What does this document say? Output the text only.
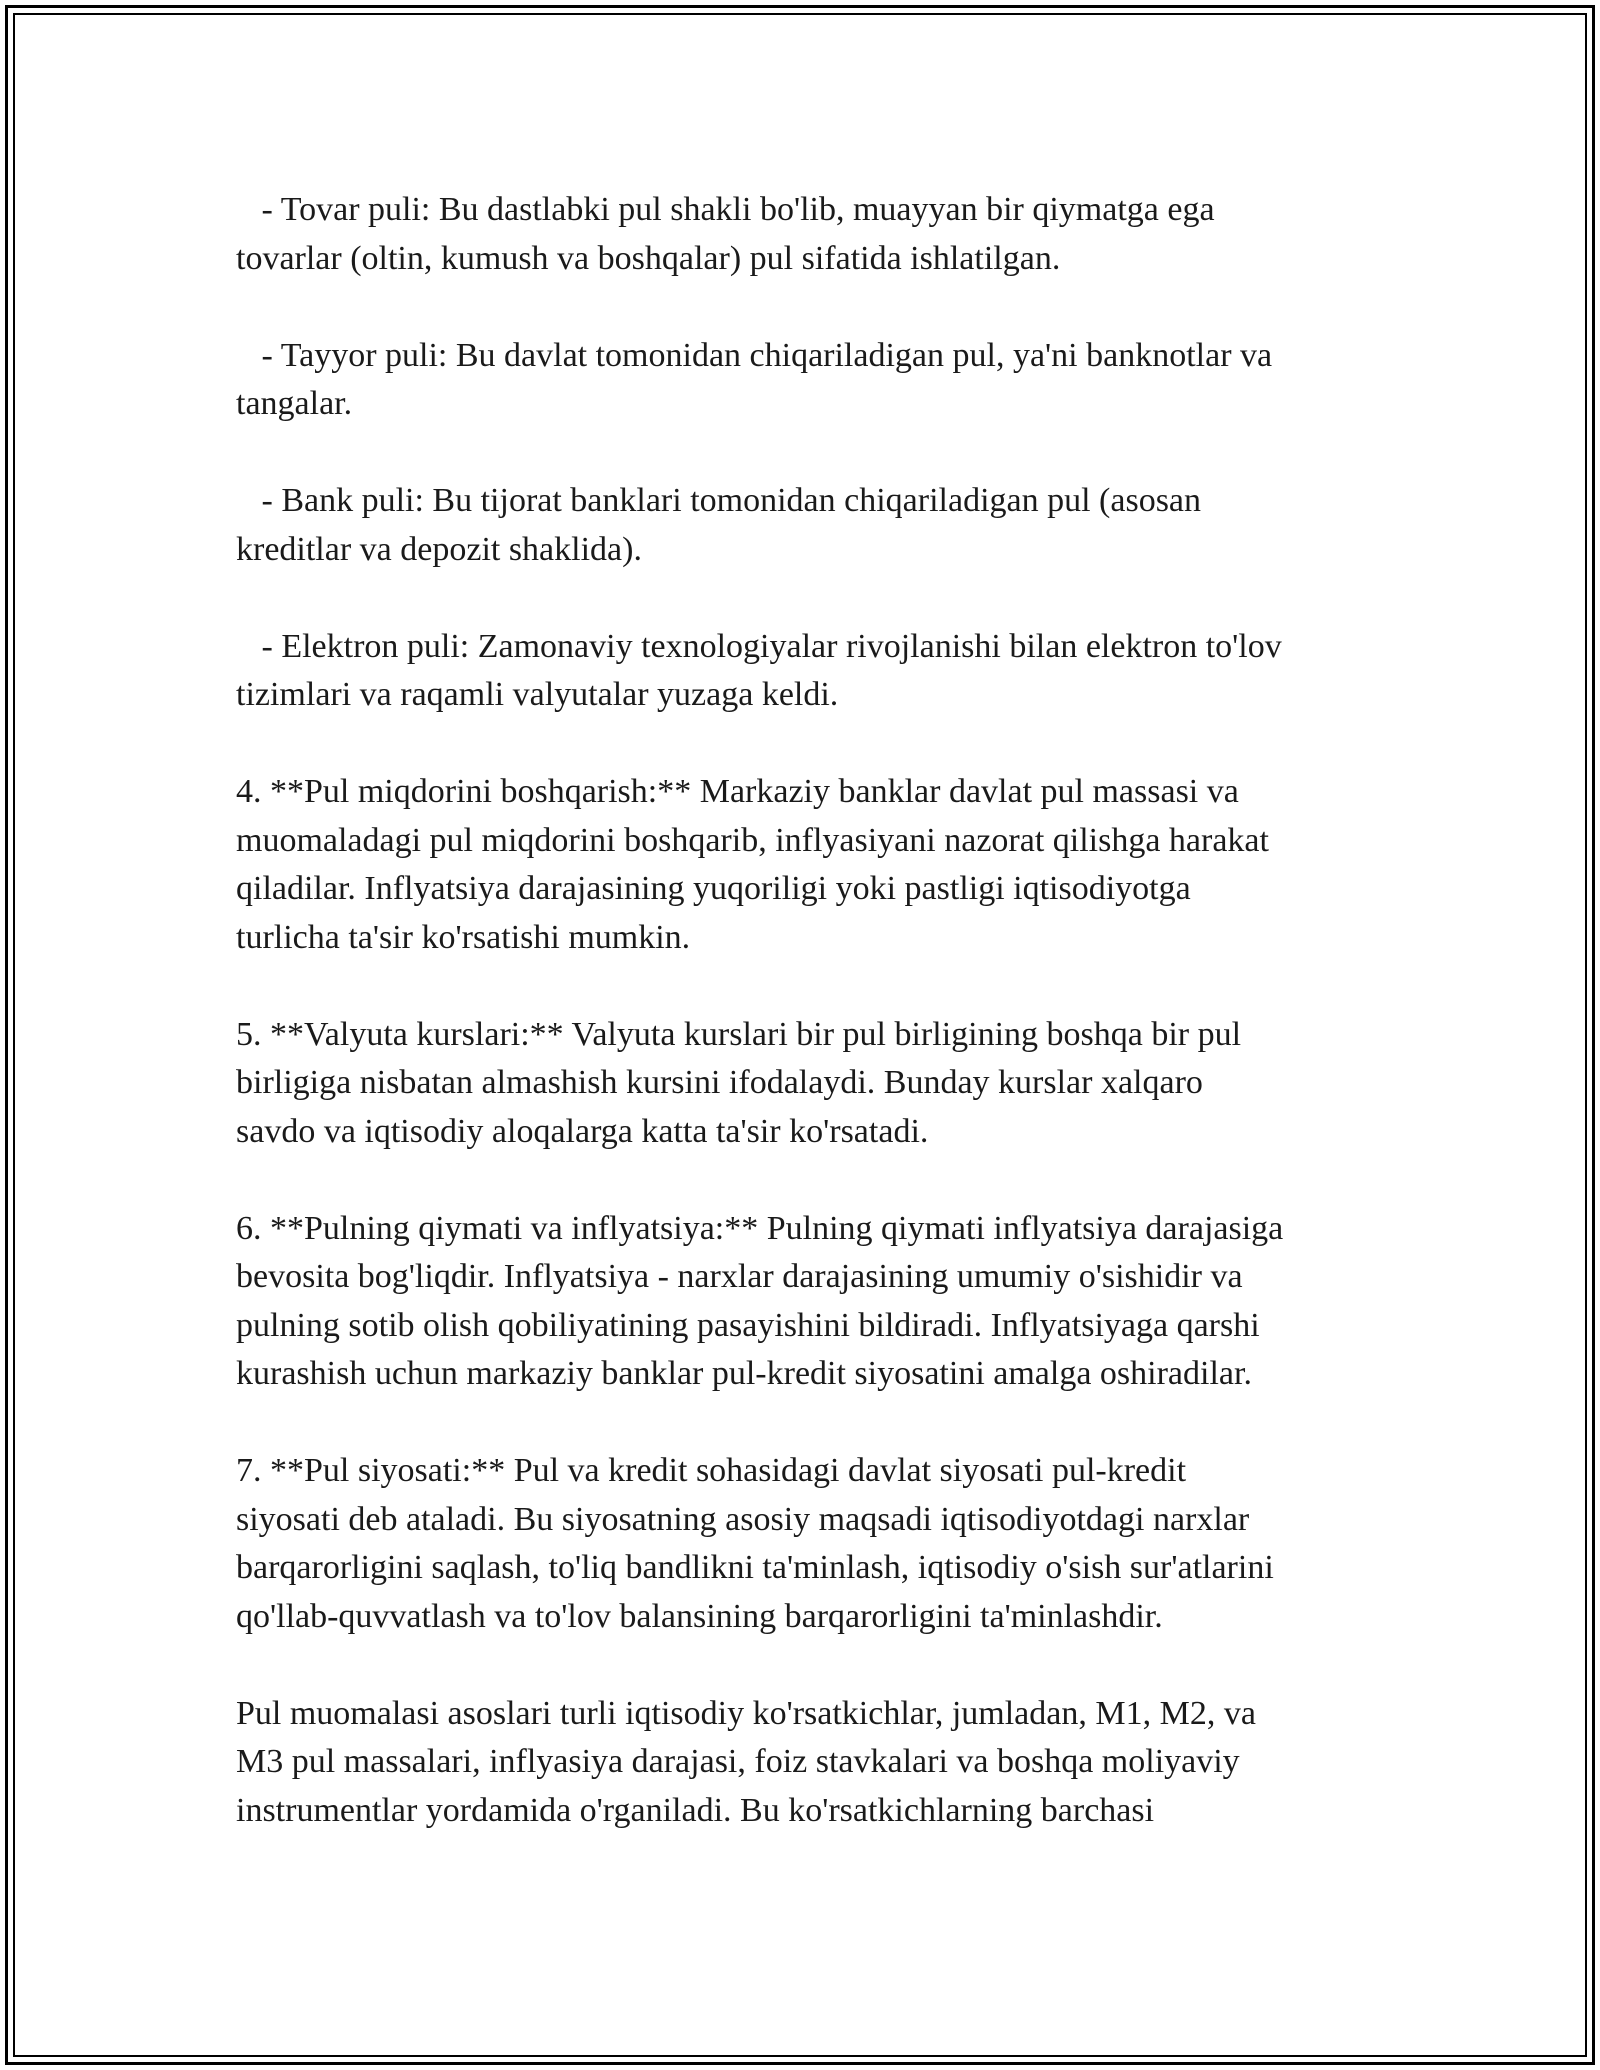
- Tovar puli: Bu dastlabki pul shakli bo'lib, muayyan bir qiymatga ega
tovarlar (oltin, kumush va boshqalar) pul sifatida ishlatilgan.

- Tayyor puli: Bu davlat tomonidan chiqariladigan pul, ya'ni banknotlar va
tangalar.

- Bank puli: Bu tijorat banklari tomonidan chiqariladigan pul (asosan
kreditlar va depozit shaklida).

- Elektron puli: Zamonaviy texnologiyalar rivojlanishi bilan elektron to'lov
tizimlari va raqamli valyutalar yuzaga keldi.

4. **Pul miqdorini boshqarish:** Markaziy banklar davlat pul massasi va
muomaladagi pul miqdorini boshqarib, inflyasiyani nazorat qilishga harakat
qiladilar. Inflyatsiya darajasining yuqoriligi yoki pastligi iqtisodiyotga
turlicha ta'sir ko'rsatishi mumkin.

5. **Valyuta kurslari:** Valyuta kurslari bir pul birligining boshqa bir pul
birligiga nisbatan almashish kursini ifodalaydi. Bunday kurslar xalqaro
savdo va iqtisodiy aloqalarga katta ta'sir ko'rsatadi.

6. **Pulning qiymati va inflyatsiya:** Pulning qiymati inflyatsiya darajasiga
bevosita bog'liqdir. Inflyatsiya - narxlar darajasining umumiy o'sishidir va
pulning sotib olish qobiliyatining pasayishini bildiradi. Inflyatsiyaga qarshi
kurashish uchun markaziy banklar pul-kredit siyosatini amalga oshiradilar.

7. **Pul siyosati:** Pul va kredit sohasidagi davlat siyosati pul-kredit
siyosati deb ataladi. Bu siyosatning asosiy maqsadi iqtisodiyotdagi narxlar
barqarorligini saqlash, to'liq bandlikni ta'minlash, iqtisodiy o'sish sur'atlarini
qo'llab-quvvatlash va to'lov balansining barqarorligini ta'minlashdir.

Pul muomalasi asoslari turli iqtisodiy ko'rsatkichlar, jumladan, M1, M2, va
M3 pul massalari, inflyasiya darajasi, foiz stavkalari va boshqa moliyaviy
instrumentlar yordamida o'rganiladi. Bu ko'rsatkichlarning barchasi
